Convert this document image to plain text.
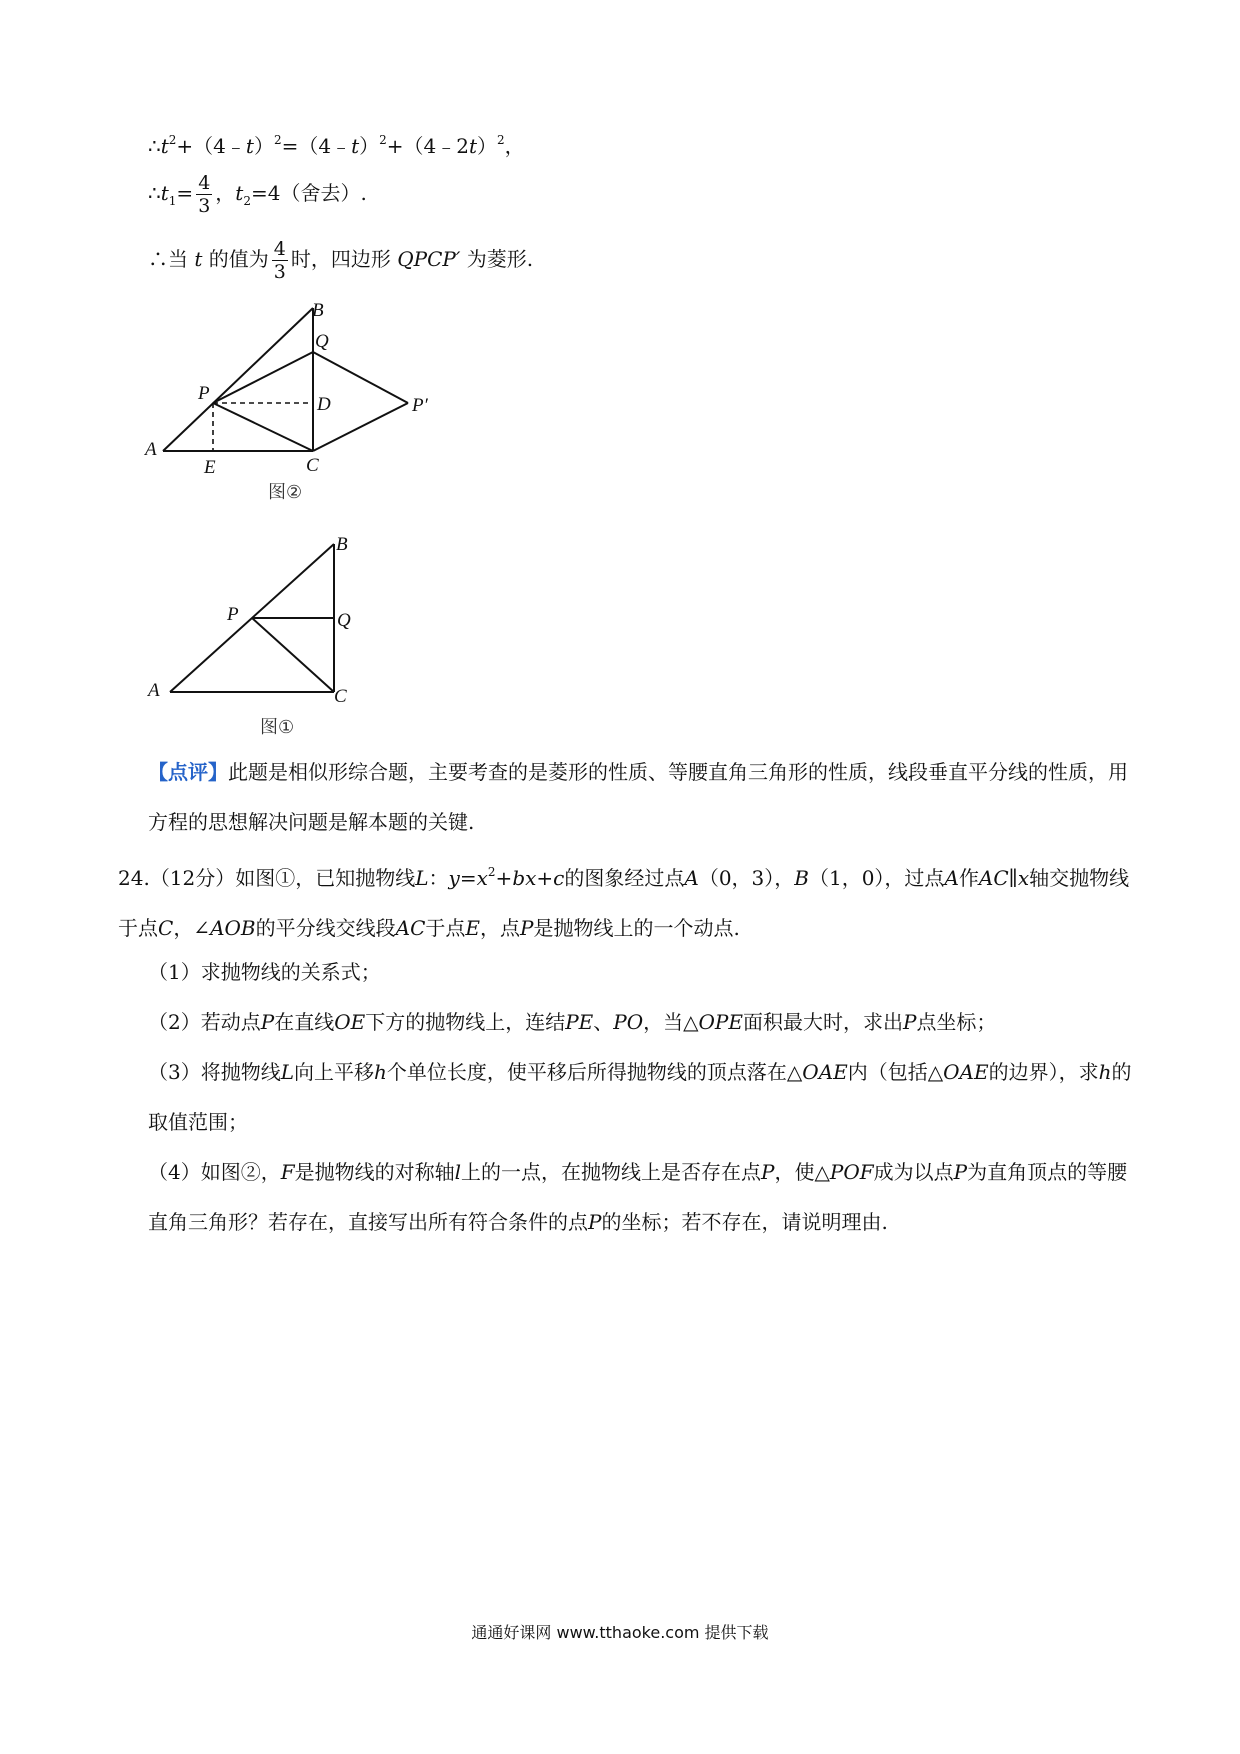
$\therefore t^2+(4﹣t)^2=(4﹣t)^2+(4﹣2t)^2$，
$\therefore t_1= \frac{4}{3}$ ，$t_2=4$（舍去）.
∴当 t 的值为 $\frac{4}{3}$ 时，四边形 QPCP′ 为菱形.
B
Q
P
D	P′
A
E	C
图②
B
P	Q
A	C
图①
【点评】此题是相似形综合题，主要考查的是菱形的性质、等腰直角三角形的性质，线段垂直平分线的性质，用方程的思想解决问题是解本题的关键.
24.（12分）如图①，已知抛物线L：$y=x^2+bx+c$的图象经过点A（0，3），B（1，0），过点A作AC∥x轴交抛物线于点C，∠AOB的平分线交线段AC于点E，点P是抛物线上的一个动点.
（1）求抛物线的关系式；
（2）若动点P在直线OE下方的抛物线上，连结PE、PO，当△OPE面积最大时，求出P点坐标；
（3）将抛物线L向上平移h个单位长度，使平移后所得抛物线的顶点落在△OAE内（包括△OAE的边界），求h的取值范围；
（4）如图②，F是抛物线的对称轴l上的一点，在抛物线上是否存在点P，使△POF成为以点P为直角顶点的等腰直角三角形？若存在，直接写出所有符合条件的点P的坐标；若不存在，请说明理由.
通通好课网 www.tthaoke.com 提供下载
